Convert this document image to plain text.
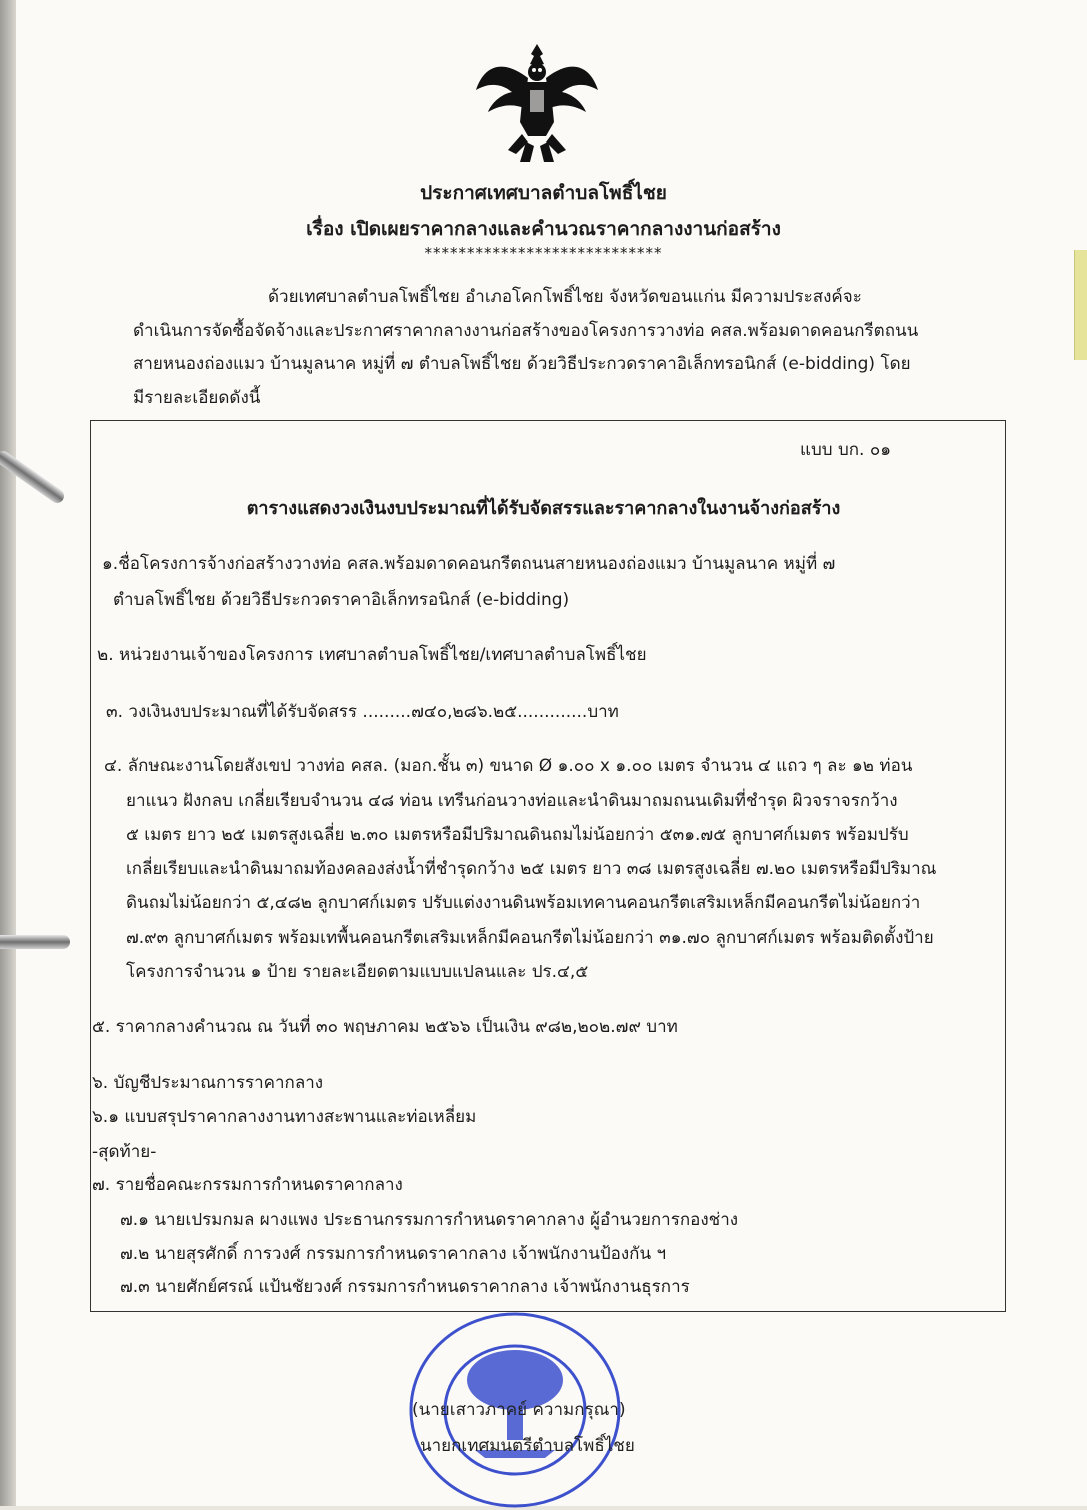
ประกาศเทศบาลตำบลโพธิ์ไชย
เรื่อง เปิดเผยราคากลางและคำนวณราคากลางงานก่อสร้าง
****************************
ด้วยเทศบาลตำบลโพธิ์ไชย อำเภอโคกโพธิ์ไชย จังหวัดขอนแก่น มีความประสงค์จะ
ดำเนินการจัดซื้อจัดจ้างและประกาศราคากลางงานก่อสร้างของโครงการวางท่อ คสล.พร้อมดาดคอนกรีตถนน
สายหนองถ่องแมว บ้านมูลนาค หมู่ที่ ๗ ตำบลโพธิ์ไชย ด้วยวิธีประกวดราคาอิเล็กทรอนิกส์ (e-bidding) โดย
มีรายละเอียดดังนี้
แบบ บก. ๐๑
ตารางแสดงวงเงินงบประมาณที่ได้รับจัดสรรและราคากลางในงานจ้างก่อสร้าง
๑.ชื่อโครงการจ้างก่อสร้างวางท่อ คสล.พร้อมดาดคอนกรีตถนนสายหนองถ่องแมว บ้านมูลนาค หมู่ที่ ๗
ตำบลโพธิ์ไชย ด้วยวิธีประกวดราคาอิเล็กทรอนิกส์ (e-bidding)
๒. หน่วยงานเจ้าของโครงการ เทศบาลตำบลโพธิ์ไชย/เทศบาลตำบลโพธิ์ไชย
๓. วงเงินงบประมาณที่ได้รับจัดสรร .........๗๔๐,๒๘๖.๒๕.............บาท
๔. ลักษณะงานโดยสังเขป วางท่อ คสล. (มอก.ชั้น ๓) ขนาด Ø ๑.๐๐ x ๑.๐๐ เมตร จำนวน ๔ แถว ๆ ละ ๑๒ ท่อน
ยาแนว ฝังกลบ เกลี่ยเรียบจำนวน ๔๘ ท่อน เทรีนก่อนวางท่อและนำดินมาถมถนนเดิมที่ชำรุด ผิวจราจรกว้าง
๕ เมตร ยาว ๒๕ เมตรสูงเฉลี่ย ๒.๓๐ เมตรหรือมีปริมาณดินถมไม่น้อยกว่า ๕๓๑.๗๕ ลูกบาศก์เมตร พร้อมปรับ
เกลี่ยเรียบและนำดินมาถมท้องคลองส่งน้ำที่ชำรุดกว้าง ๒๕ เมตร ยาว ๓๘ เมตรสูงเฉลี่ย ๗.๒๐ เมตรหรือมีปริมาณ
ดินถมไม่น้อยกว่า ๕,๔๘๒ ลูกบาศก์เมตร ปรับแต่งงานดินพร้อมเทคานคอนกรีตเสริมเหล็กมีคอนกรีตไม่น้อยกว่า
๗.๙๓ ลูกบาศก์เมตร พร้อมเทพื้นคอนกรีตเสริมเหล็กมีคอนกรีตไม่น้อยกว่า ๓๑.๗๐ ลูกบาศก์เมตร พร้อมติดตั้งป้าย
โครงการจำนวน ๑ ป้าย รายละเอียดตามแบบแปลนและ ปร.๔,๕
๕. ราคากลางคำนวณ ณ วันที่ ๓๐ พฤษภาคม ๒๕๖๖ เป็นเงิน ๙๘๒,๒๐๒.๗๙ บาท
๖. บัญชีประมาณการราคากลาง
๖.๑ แบบสรุปราคากลางงานทางสะพานและท่อเหลี่ยม
-สุดท้าย-
๗. รายชื่อคณะกรรมการกำหนดราคากลาง
๗.๑ นายเปรมกมล ผางแพง ประธานกรรมการกำหนดราคากลาง ผู้อำนวยการกองช่าง
๗.๒ นายสุรศักดิ์ การวงศ์ กรรมการกำหนดราคากลาง เจ้าพนักงานป้องกัน ฯ
๗.๓ นายศักย์ศรณ์ แป้นชัยวงศ์ กรรมการกำหนดราคากลาง เจ้าพนักงานธุรการ
(นายเสาวภาคย์ ความกรุณา)
นายกเทศมนตรีตำบลโพธิ์ไชย
